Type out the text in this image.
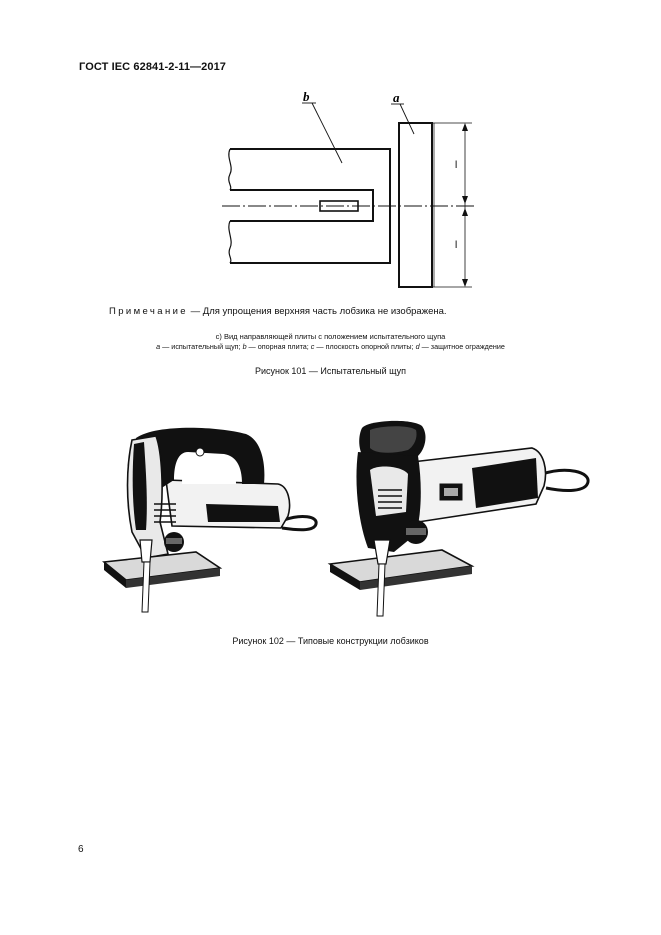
ГОСТ IEC 62841-2-11—2017
l
l
b	a
Примечание — Для упрощения верхняя часть лобзика не изображена.
с) Вид направляющей плиты с положением испытательного щупа
а — испытательный щуп; b — опорная плита; с — плоскость опорной плиты; d — защитное ограждение
Рисунок 101 — Испытательный щуп
Рисунок 102 — Типовые конструкции лобзиков
6
